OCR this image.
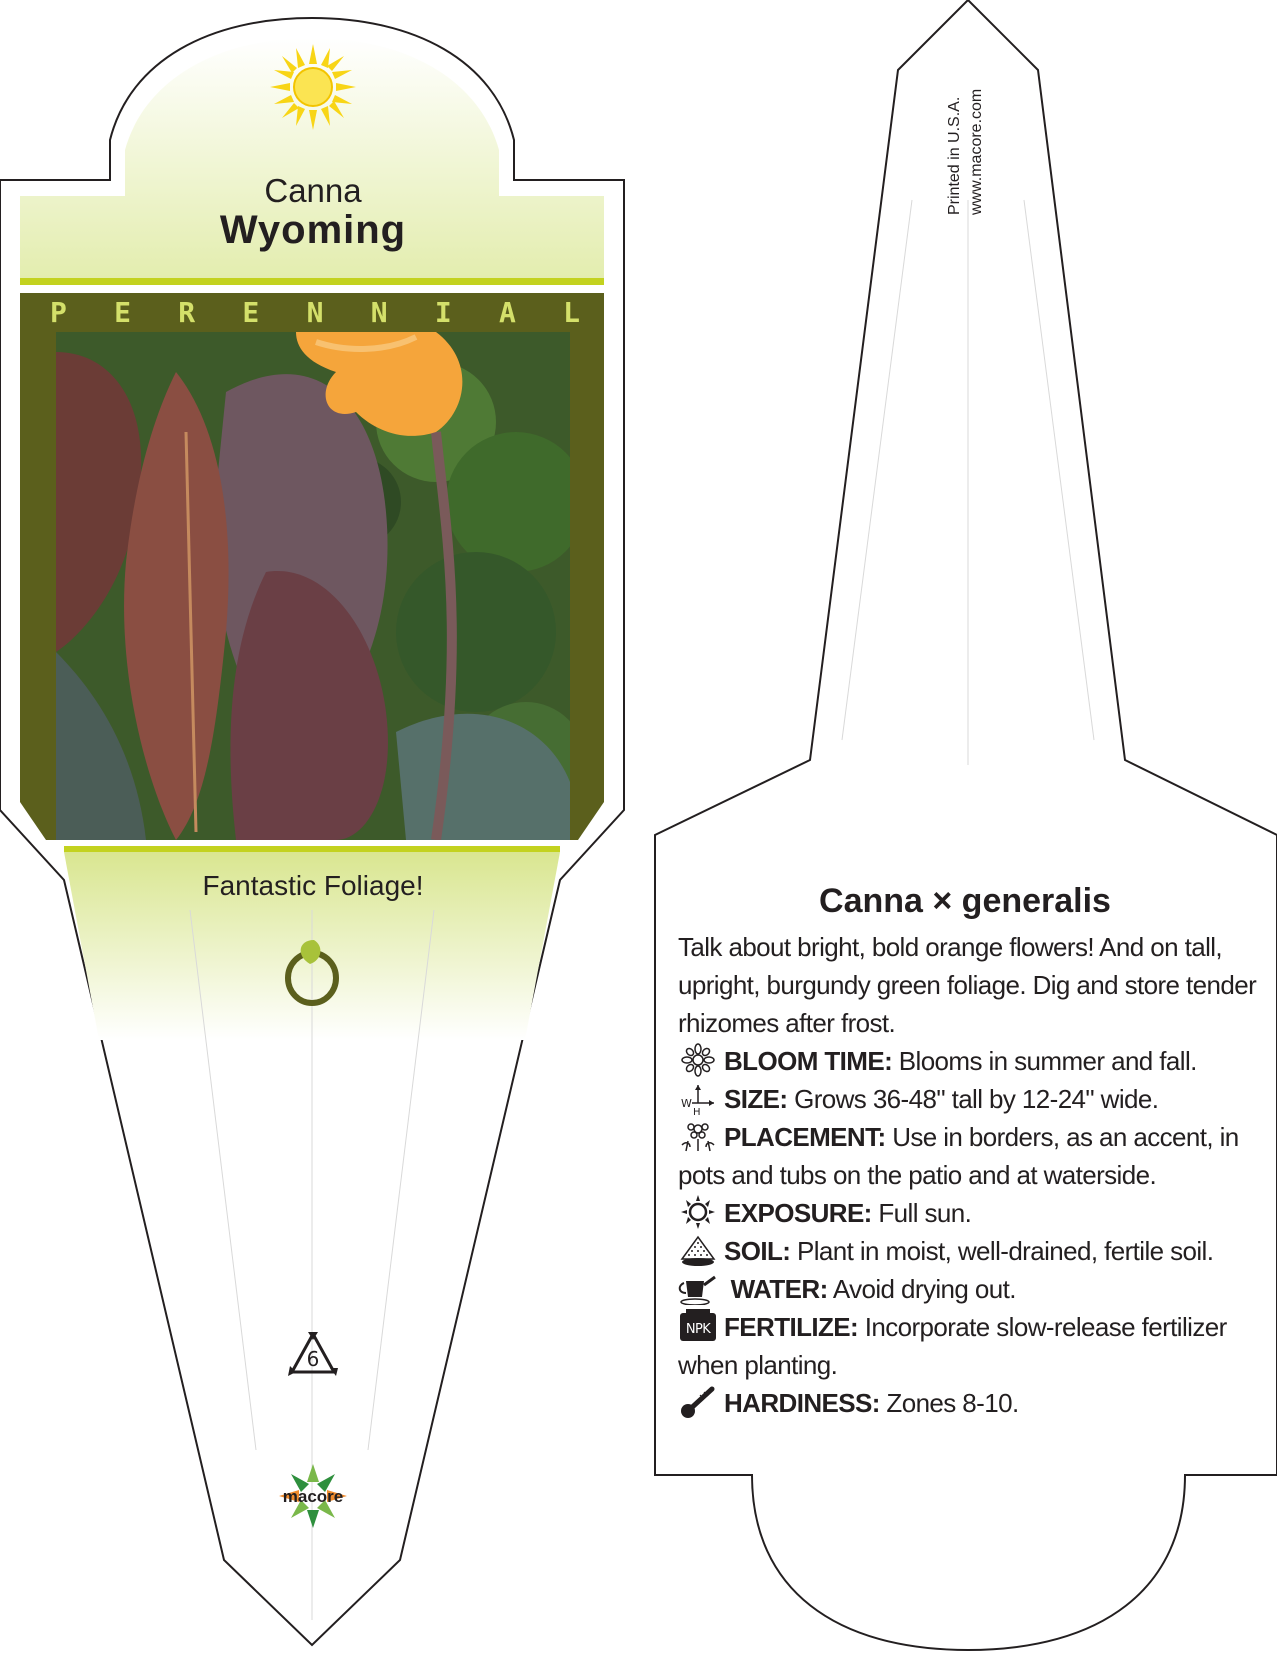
Canna
Wyoming
P E R E N N I A L
Fantastic Foliage!
6
macore
Printed in U.S.A. www.macore.com
Canna × generalis

Talk about bright, bold orange flowers! And on tall, upright, burgundy green foliage. Dig and store tender rhizomes after frost.

BLOOM TIME: Blooms in summer and fall.
W
H SIZE: Grows 36-48" tall by 12-24" wide.
PLACEMENT: Use in borders, as an accent, in pots and tubs on the patio and at waterside.
EXPOSURE: Full sun.
SOIL: Plant in moist, well-drained, fertile soil.
WATER: Avoid drying out.
NPK FERTILIZE: Incorporate slow-release fertilizer when planting.
HARDINESS: Zones 8-10.
